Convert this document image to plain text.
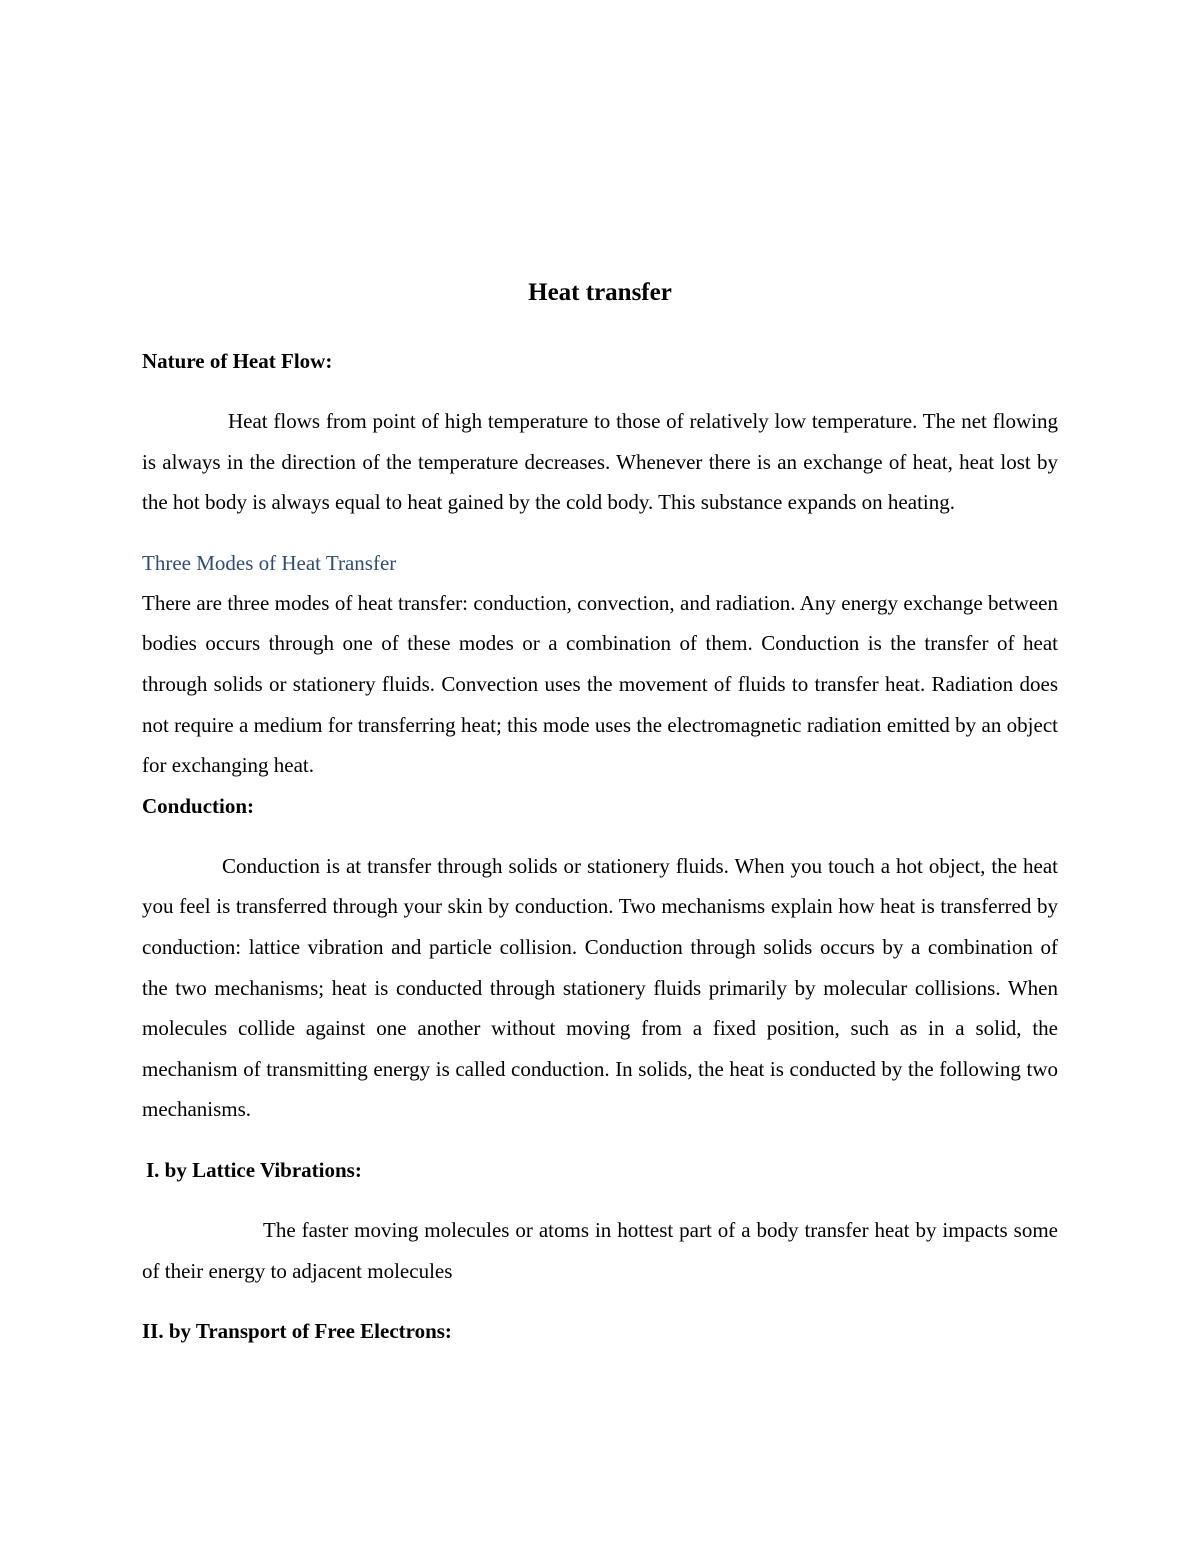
Heat transfer

Nature of Heat Flow:

Heat flows from point of high temperature to those of relatively low temperature. The net flowing is always in the direction of the temperature decreases. Whenever there is an exchange of heat, heat lost by the hot body is always equal to heat gained by the cold body. This substance expands on heating.

Three Modes of Heat Transfer

There are three modes of heat transfer: conduction, convection, and radiation. Any energy exchange between bodies occurs through one of these modes or a combination of them. Conduction is the transfer of heat through solids or stationery fluids. Convection uses the movement of fluids to transfer heat. Radiation does not require a medium for transferring heat; this mode uses the electromagnetic radiation emitted by an object for exchanging heat.

Conduction:

Conduction is at transfer through solids or stationery fluids. When you touch a hot object, the heat you feel is transferred through your skin by conduction. Two mechanisms explain how heat is transferred by conduction: lattice vibration and particle collision. Conduction through solids occurs by a combination of the two mechanisms; heat is conducted through stationery fluids primarily by molecular collisions. When molecules collide against one another without moving from a fixed position, such as in a solid, the mechanism of transmitting energy is called conduction. In solids, the heat is conducted by the following two mechanisms.

I. by Lattice Vibrations:

The faster moving molecules or atoms in hottest part of a body transfer heat by impacts some of their energy to adjacent molecules

II. by Transport of Free Electrons:
